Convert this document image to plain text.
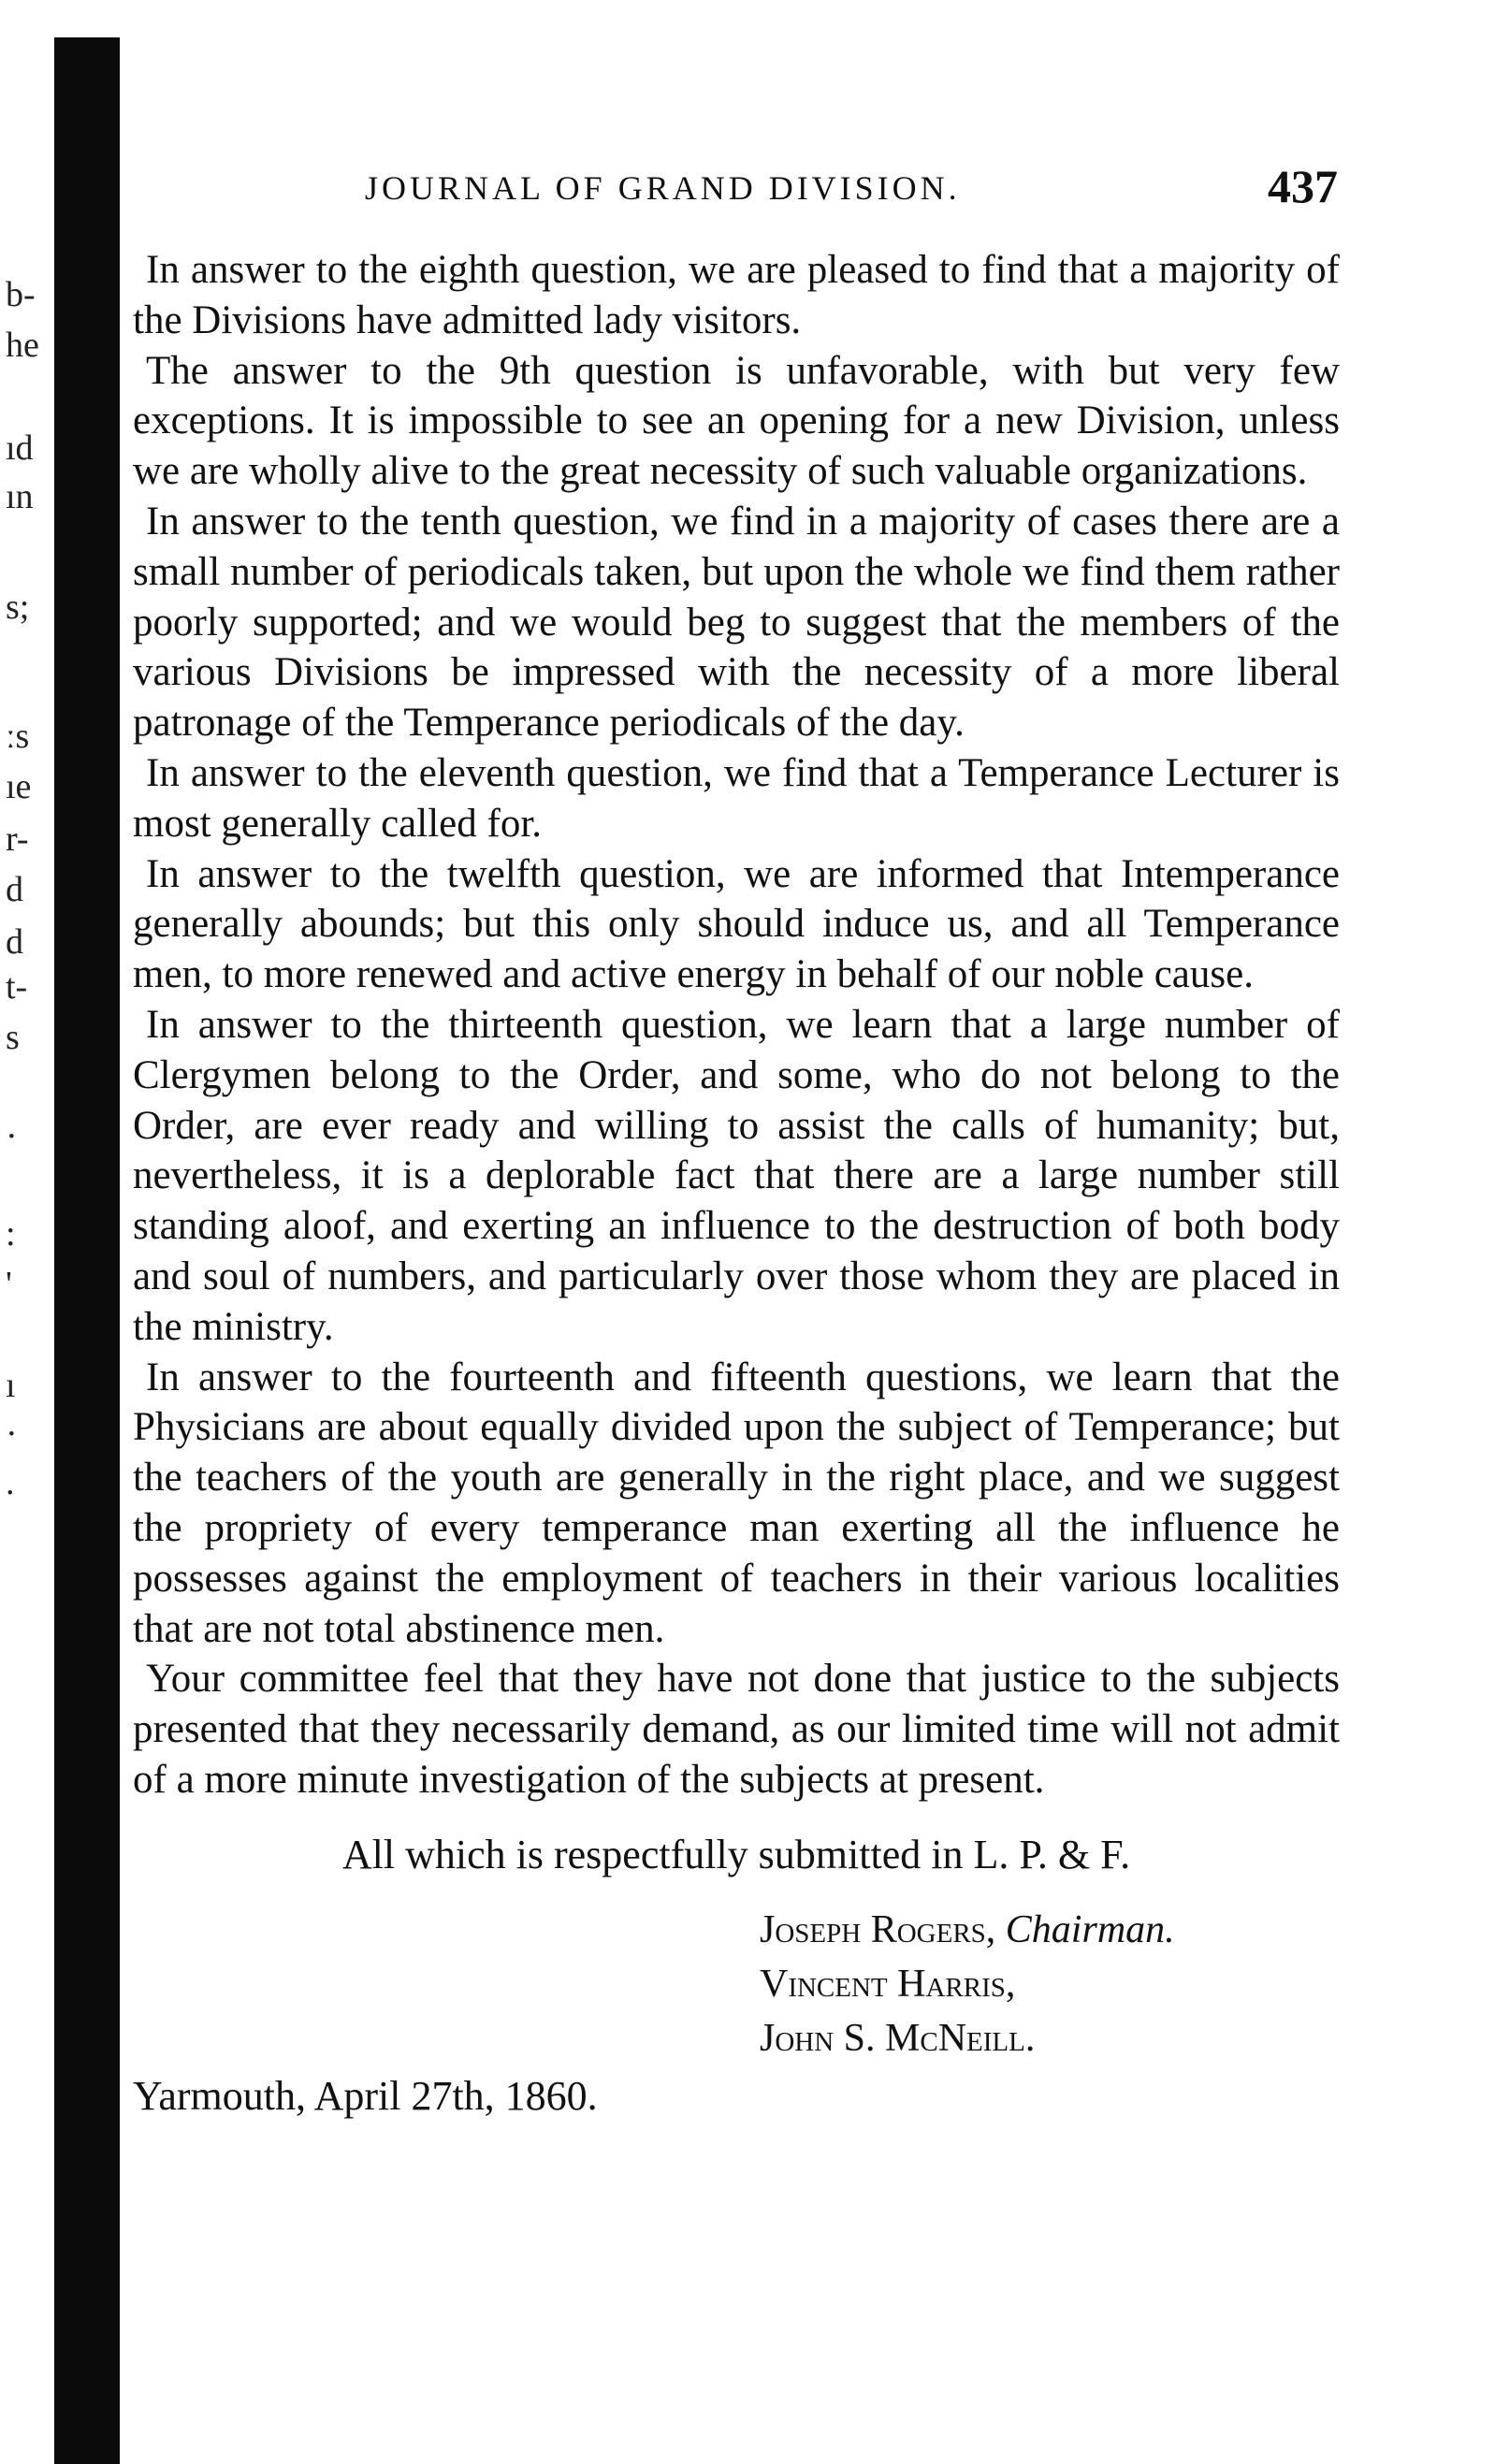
b-
he
ıd
ın
s;
ːs
ıe
r-
d
d
t-
s
·
:
'
ı
·
.
JOURNAL OF GRAND DIVISION.	437

In answer to the eighth question, we are pleased to find that a majority of the Divisions have admitted lady visitors.

The answer to the 9th question is unfavorable, with but very few exceptions. It is impossible to see an opening for a new Division, unless we are wholly alive to the great necessity of such valuable organizations.

In answer to the tenth question, we find in a majority of cases there are a small number of periodicals taken, but upon the whole we find them rather poorly supported; and we would beg to suggest that the members of the various Divisions be impressed with the necessity of a more liberal patronage of the Temperance periodicals of the day.

In answer to the eleventh question, we find that a Temperance Lecturer is most generally called for.

In answer to the twelfth question, we are informed that Intemperance generally abounds; but this only should induce us, and all Temperance men, to more renewed and active energy in behalf of our noble cause.

In answer to the thirteenth question, we learn that a large number of Clergymen belong to the Order, and some, who do not belong to the Order, are ever ready and willing to assist the calls of humanity; but, nevertheless, it is a deplorable fact that there are a large number still standing aloof, and exerting an influence to the destruction of both body and soul of numbers, and particularly over those whom they are placed in the ministry.

In answer to the fourteenth and fifteenth questions, we learn that the Physicians are about equally divided upon the subject of Temperance; but the teachers of the youth are generally in the right place, and we suggest the propriety of every temperance man exerting all the influence he possesses against the employment of teachers in their various localities that are not total abstinence men.

Your committee feel that they have not done that justice to the subjects presented that they necessarily demand, as our limited time will not admit of a more minute investigation of the subjects at present.

All which is respectfully submitted in L. P. & F.

Joseph Rogers, Chairman.
Vincent Harris,
John S. McNeill.

Yarmouth, April 27th, 1860.
